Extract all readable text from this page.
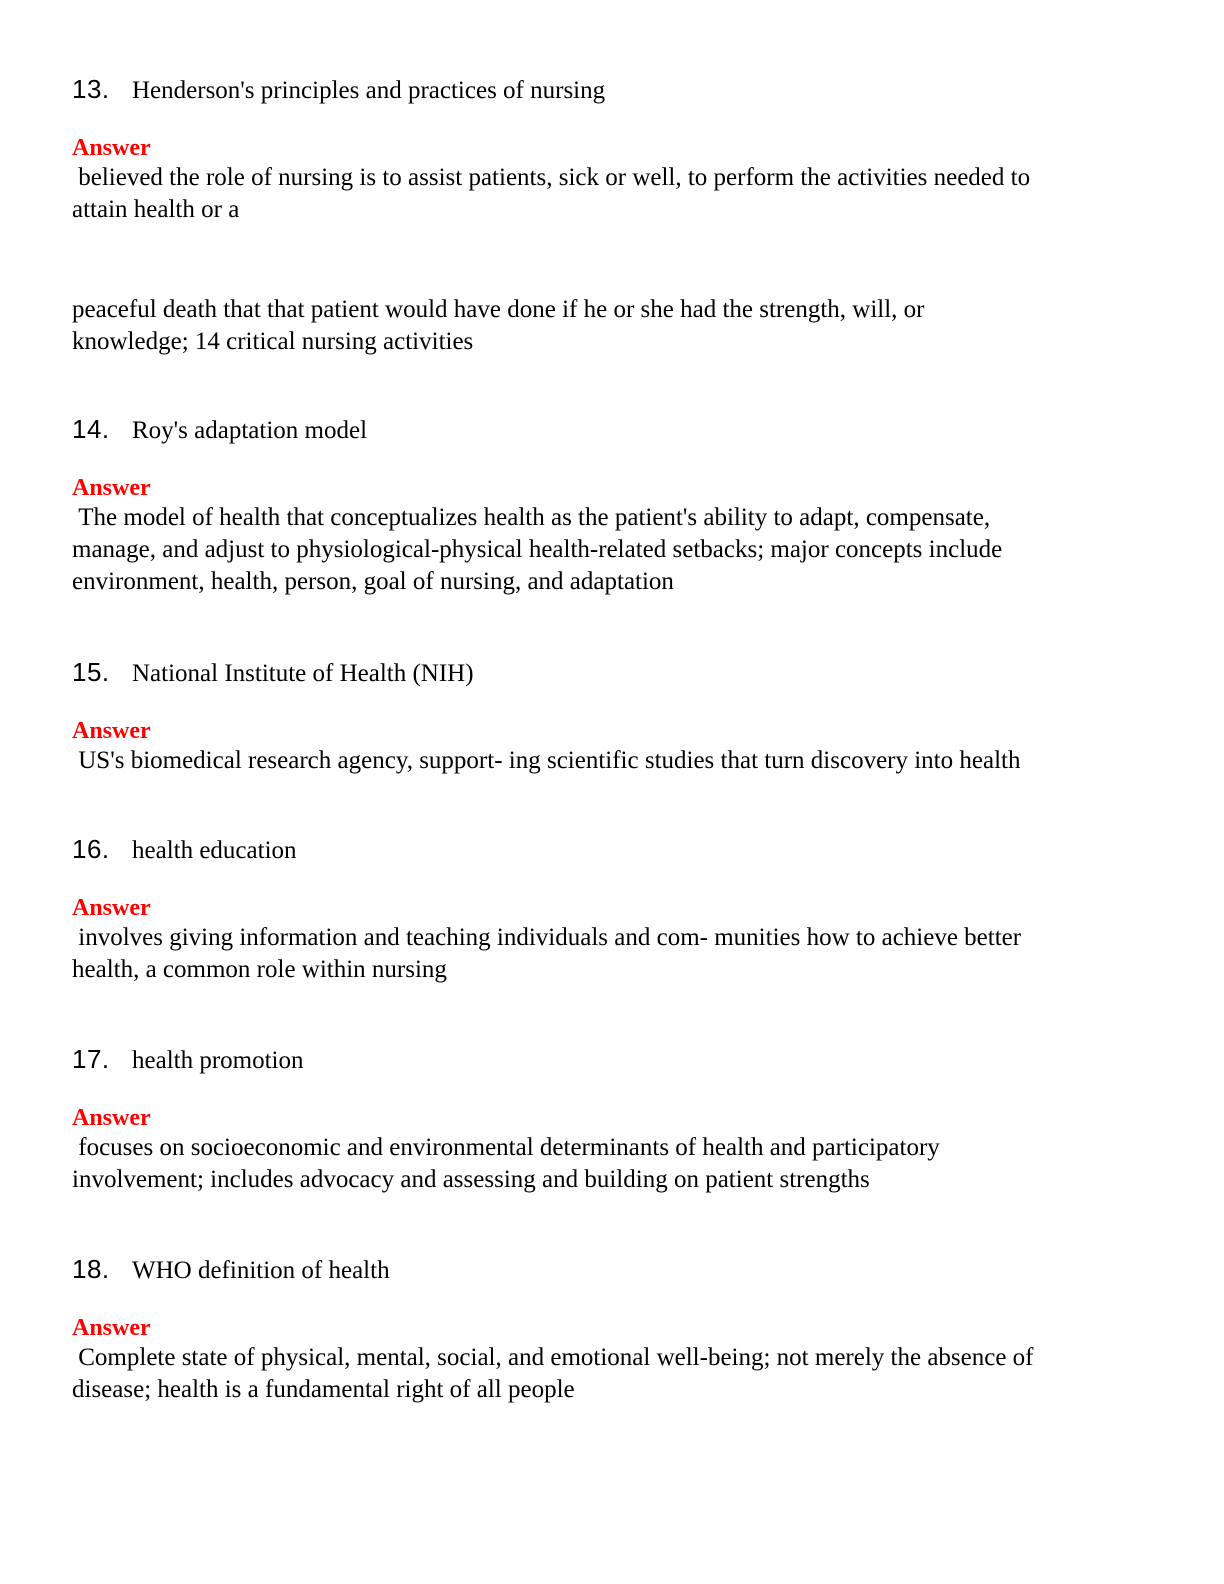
13. Henderson's principles and practices of nursing
Answer
believed the role of nursing is to assist patients, sick or well, to perform the activities needed to
attain health or a
peaceful death that that patient would have done if he or she had the strength, will, or
knowledge; 14 critical nursing activities
14. Roy's adaptation model
Answer
The model of health that conceptualizes health as the patient's ability to adapt, compensate,
manage, and adjust to physiological-physical health-related setbacks; major concepts include
environment, health, person, goal of nursing, and adaptation
15. National Institute of Health (NIH)
Answer
US's biomedical research agency, support- ing scientific studies that turn discovery into health
16. health education
Answer
involves giving information and teaching individuals and com- munities how to achieve better
health, a common role within nursing
17. health promotion
Answer
focuses on socioeconomic and environmental determinants of health and participatory
involvement; includes advocacy and assessing and building on patient strengths
18. WHO definition of health
Answer
Complete state of physical, mental, social, and emotional well-being; not merely the absence of
disease; health is a fundamental right of all people
